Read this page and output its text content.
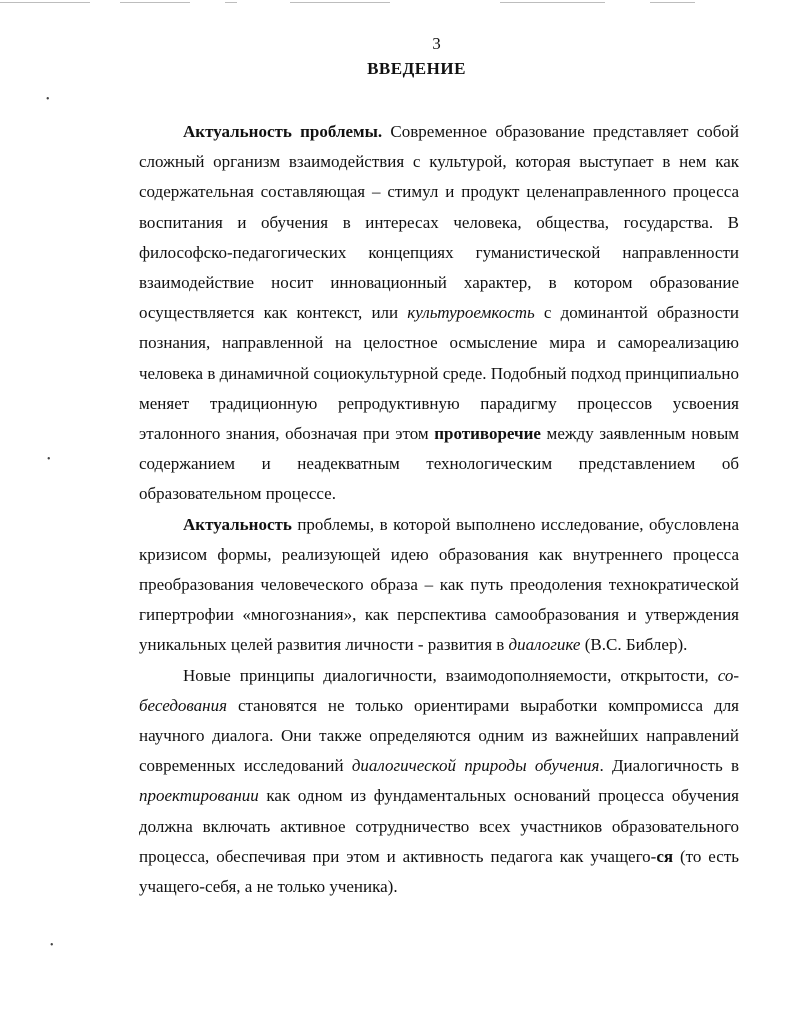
•
•
•
3
ВВЕДЕНИЕ

Актуальность проблемы. Современное образование представляет собой сложный организм взаимодействия с культурой, которая выступает в нем как содержательная составляющая – стимул и продукт целенаправленного процесса воспитания и обучения в интересах человека, общества, государства. В философско-педагогических концепциях гуманистической направленности взаимодействие носит инновационный характер, в котором образование осуществляется как контекст, или культуроемкость с доминантой образности познания, направленной на целостное осмысление мира и самореализацию человека в динамичной социокультурной среде. Подобный подход принципиально меняет традиционную репродуктивную парадигму процессов усвоения эталонного знания, обозначая при этом противоречие между заявленным новым содержанием и неадекватным технологическим представлением об образовательном процессе.

Актуальность проблемы, в которой выполнено исследование, обусловлена кризисом формы, реализующей идею образования как внутреннего процесса преобразования человеческого образа – как путь преодоления технократической гипертрофии «многознания», как перспектива самообразования и утверждения уникальных целей развития личности - развития в диалогике (В.С. Библер).

Новые принципы диалогичности, взаимодополняемости, открытости, со-беседования становятся не только ориентирами выработки компромисса для научного диалога. Они также определяются одним из важнейших направлений современных исследований диалогической природы обучения. Диалогичность в проектировании как одном из фундаментальных оснований процесса обучения должна включать активное сотрудничество всех участников образовательного процесса, обеспечивая при этом и активность педагога как учащего-ся (то есть учащего-себя, а не только ученика).
